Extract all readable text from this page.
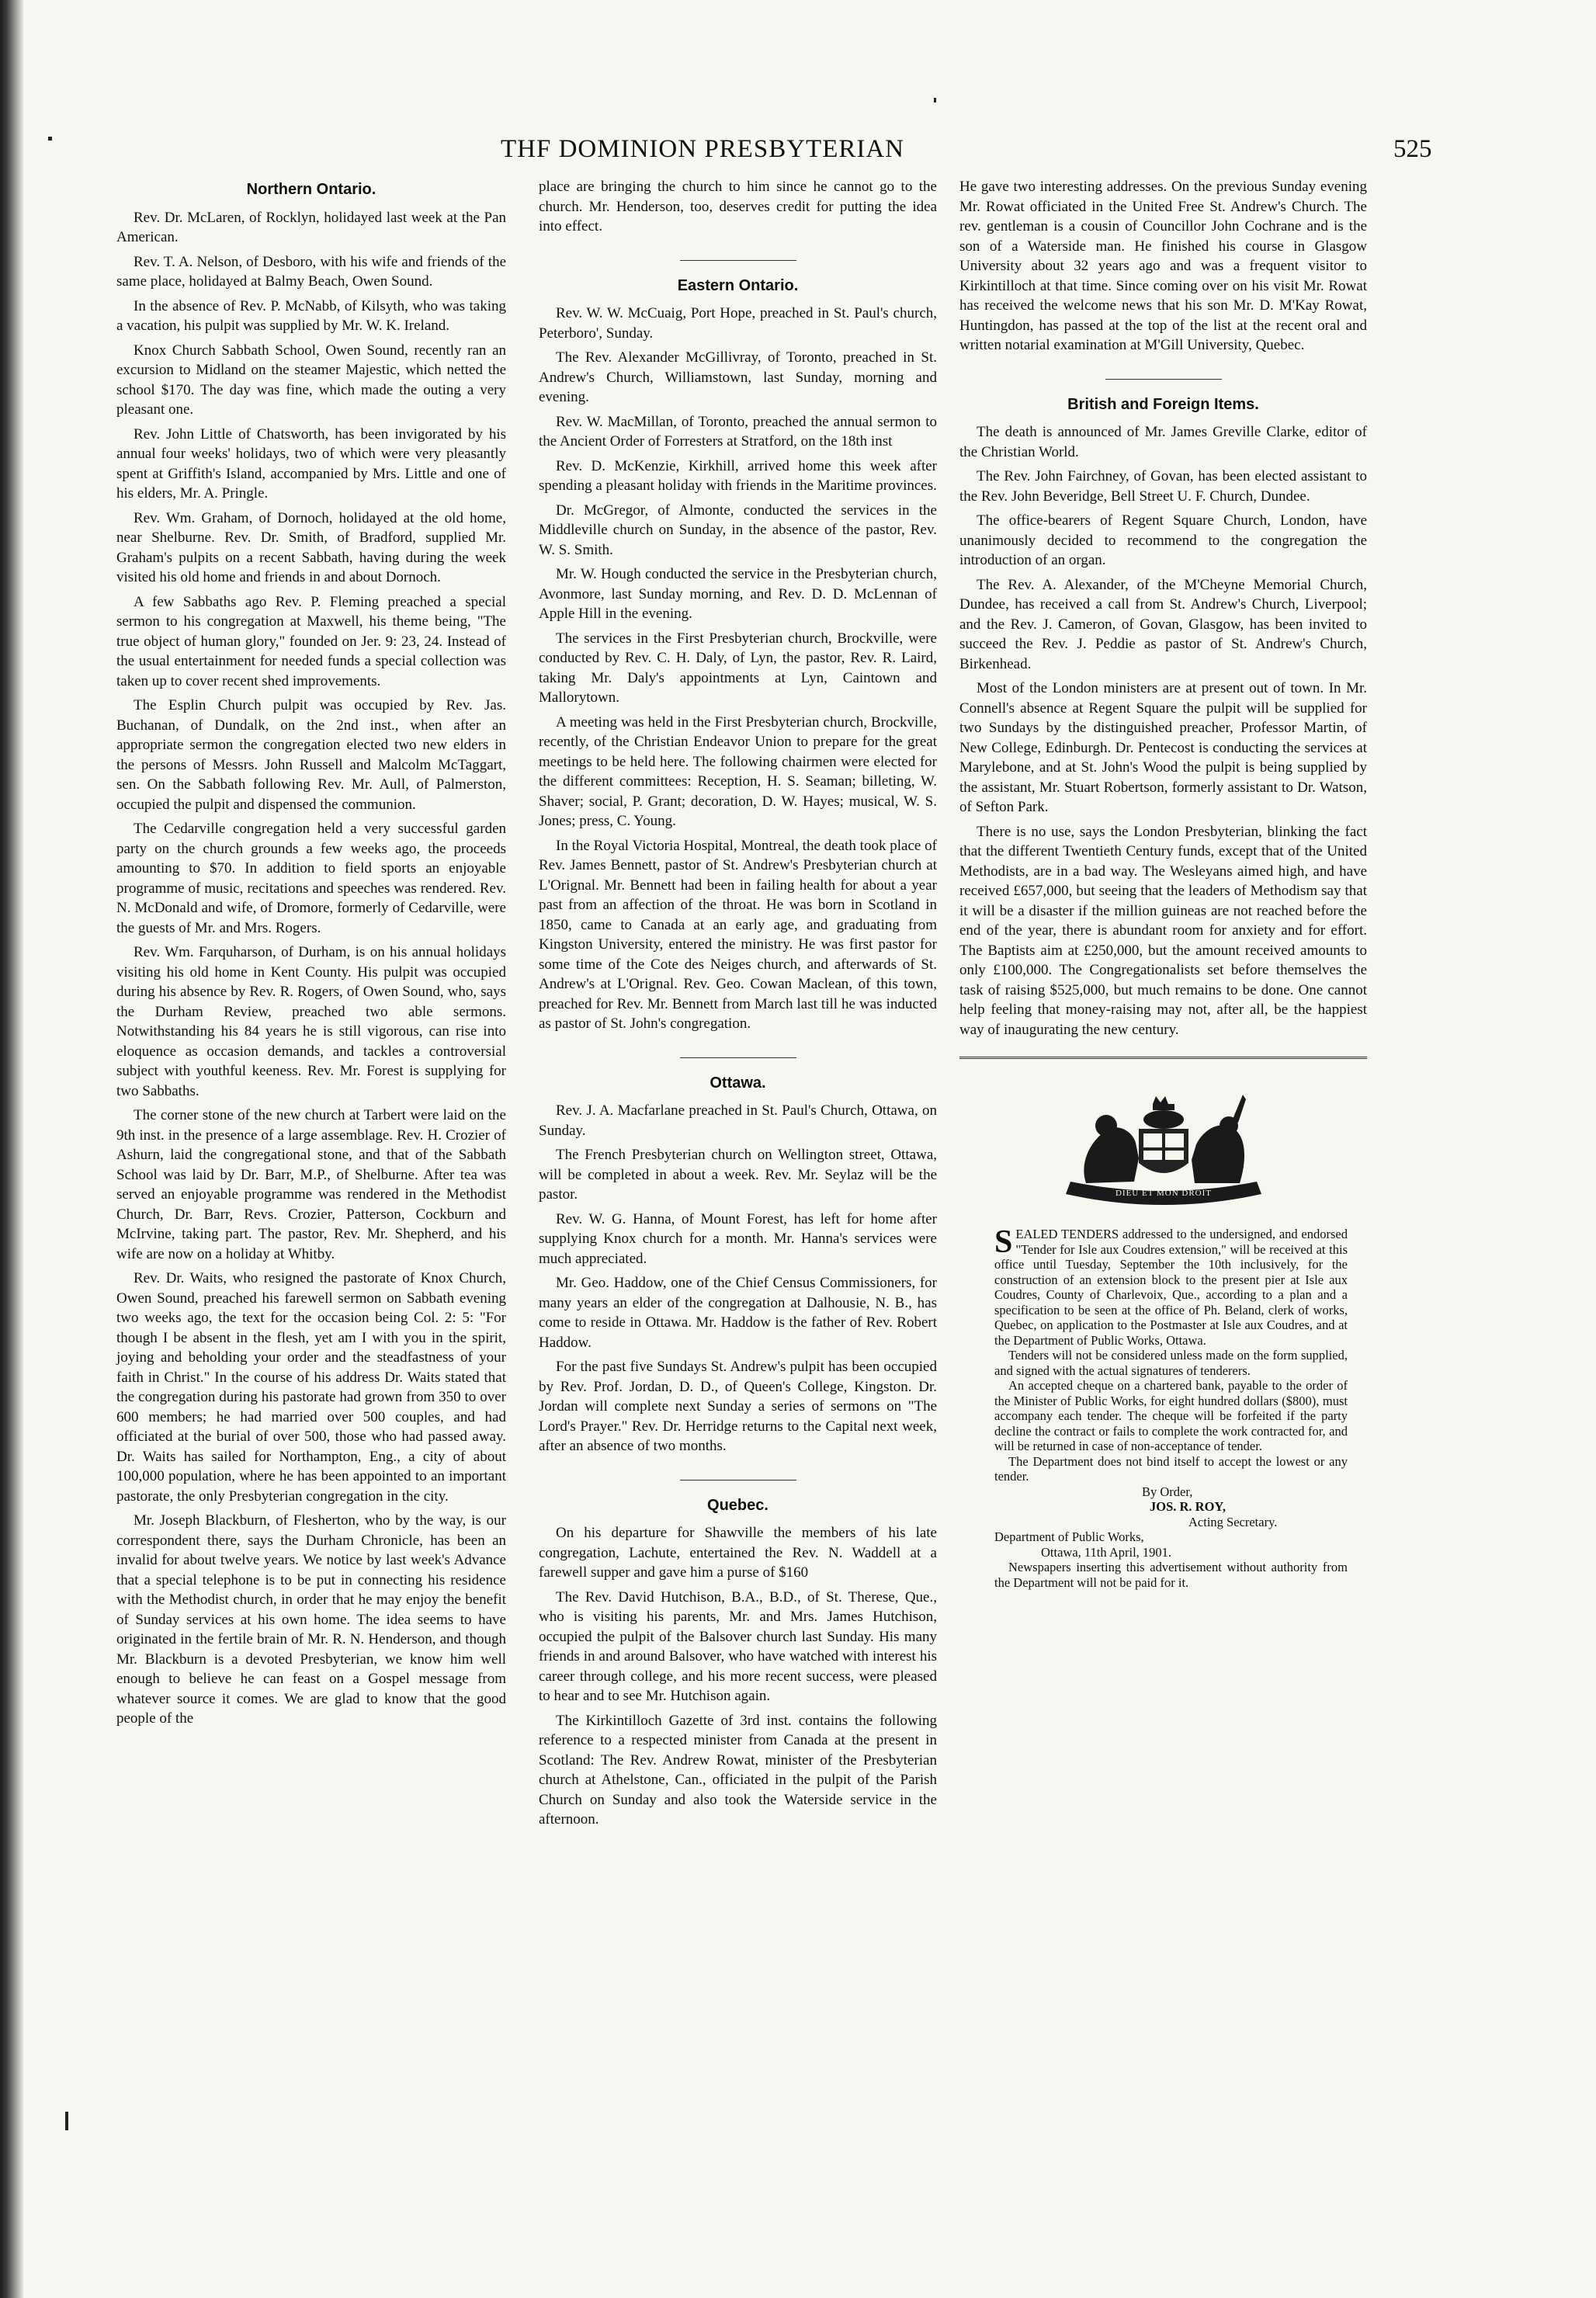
THF DOMINION PRESBYTERIAN	525
Northern Ontario.

Rev. Dr. McLaren, of Rocklyn, holidayed last week at the Pan American.

Rev. T. A. Nelson, of Desboro, with his wife and friends of the same place, holidayed at Balmy Beach, Owen Sound.

In the absence of Rev. P. McNabb, of Kilsyth, who was taking a vacation, his pulpit was supplied by Mr. W. K. Ireland.

Knox Church Sabbath School, Owen Sound, recently ran an excursion to Midland on the steamer Majestic, which netted the school $170. The day was fine, which made the outing a very pleasant one.

Rev. John Little of Chatsworth, has been invigorated by his annual four weeks' holidays, two of which were very pleasantly spent at Griffith's Island, accompanied by Mrs. Little and one of his elders, Mr. A. Pringle.

Rev. Wm. Graham, of Dornoch, holidayed at the old home, near Shelburne. Rev. Dr. Smith, of Bradford, supplied Mr. Graham's pulpits on a recent Sabbath, having during the week visited his old home and friends in and about Dornoch.

A few Sabbaths ago Rev. P. Fleming preached a special sermon to his congregation at Maxwell, his theme being, "The true object of human glory," founded on Jer. 9: 23, 24. Instead of the usual entertainment for needed funds a special collection was taken up to cover recent shed improvements.

The Esplin Church pulpit was occupied by Rev. Jas. Buchanan, of Dundalk, on the 2nd inst., when after an appropriate sermon the congregation elected two new elders in the persons of Messrs. John Russell and Malcolm McTaggart, sen. On the Sabbath following Rev. Mr. Aull, of Palmerston, occupied the pulpit and dispensed the communion.

The Cedarville congregation held a very successful garden party on the church grounds a few weeks ago, the proceeds amounting to $70. In addition to field sports an enjoyable programme of music, recitations and speeches was rendered. Rev. N. McDonald and wife, of Dromore, formerly of Cedarville, were the guests of Mr. and Mrs. Rogers.

Rev. Wm. Farquharson, of Durham, is on his annual holidays visiting his old home in Kent County. His pulpit was occupied during his absence by Rev. R. Rogers, of Owen Sound, who, says the Durham Review, preached two able sermons. Notwithstanding his 84 years he is still vigorous, can rise into eloquence as occasion demands, and tackles a controversial subject with youthful keeness. Rev. Mr. Forest is supplying for two Sabbaths.

The corner stone of the new church at Tarbert were laid on the 9th inst. in the presence of a large assemblage. Rev. H. Crozier of Ashurn, laid the congregational stone, and that of the Sabbath School was laid by Dr. Barr, M.P., of Shelburne. After tea was served an enjoyable programme was rendered in the Methodist Church, Dr. Barr, Revs. Crozier, Patterson, Cockburn and McIrvine, taking part. The pastor, Rev. Mr. Shepherd, and his wife are now on a holiday at Whitby.

Rev. Dr. Waits, who resigned the pastorate of Knox Church, Owen Sound, preached his farewell sermon on Sabbath evening two weeks ago, the text for the occasion being Col. 2: 5: "For though I be absent in the flesh, yet am I with you in the spirit, joying and beholding your order and the steadfastness of your faith in Christ." In the course of his address Dr. Waits stated that the congregation during his pastorate had grown from 350 to over 600 members; he had married over 500 couples, and had officiated at the burial of over 500, those who had passed away. Dr. Waits has sailed for Northampton, Eng., a city of about 100,000 population, where he has been appointed to an important pastorate, the only Presbyterian congregation in the city.

Mr. Joseph Blackburn, of Flesherton, who by the way, is our correspondent there, says the Durham Chronicle, has been an invalid for about twelve years. We notice by last week's Advance that a special telephone is to be put in connecting his residence with the Methodist church, in order that he may enjoy the benefit of Sunday services at his own home. The idea seems to have originated in the fertile brain of Mr. R. N. Henderson, and though Mr. Blackburn is a devoted Presbyterian, we know him well enough to believe he can feast on a Gospel message from whatever source it comes. We are glad to know that the good people of the

place are bringing the church to him since he cannot go to the church. Mr. Henderson, too, deserves credit for putting the idea into effect.

Eastern Ontario.

Rev. W. W. McCuaig, Port Hope, preached in St. Paul's church, Peterboro', Sunday.

The Rev. Alexander McGillivray, of Toronto, preached in St. Andrew's Church, Williamstown, last Sunday, morning and evening.

Rev. W. MacMillan, of Toronto, preached the annual sermon to the Ancient Order of Forresters at Stratford, on the 18th inst

Rev. D. McKenzie, Kirkhill, arrived home this week after spending a pleasant holiday with friends in the Maritime provinces.

Dr. McGregor, of Almonte, conducted the services in the Middleville church on Sunday, in the absence of the pastor, Rev. W. S. Smith.

Mr. W. Hough conducted the service in the Presbyterian church, Avonmore, last Sunday morning, and Rev. D. D. McLennan of Apple Hill in the evening.

The services in the First Presbyterian church, Brockville, were conducted by Rev. C. H. Daly, of Lyn, the pastor, Rev. R. Laird, taking Mr. Daly's appointments at Lyn, Caintown and Mallorytown.

A meeting was held in the First Presbyterian church, Brockville, recently, of the Christian Endeavor Union to prepare for the great meetings to be held here. The following chairmen were elected for the different committees: Reception, H. S. Seaman; billeting, W. Shaver; social, P. Grant; decoration, D. W. Hayes; musical, W. S. Jones; press, C. Young.

In the Royal Victoria Hospital, Montreal, the death took place of Rev. James Bennett, pastor of St. Andrew's Presbyterian church at L'Orignal. Mr. Bennett had been in failing health for about a year past from an affection of the throat. He was born in Scotland in 1850, came to Canada at an early age, and graduating from Kingston University, entered the ministry. He was first pastor for some time of the Cote des Neiges church, and afterwards of St. Andrew's at L'Orignal. Rev. Geo. Cowan Maclean, of this town, preached for Rev. Mr. Bennett from March last till he was inducted as pastor of St. John's congregation.

Ottawa.

Rev. J. A. Macfarlane preached in St. Paul's Church, Ottawa, on Sunday.

The French Presbyterian church on Wellington street, Ottawa, will be completed in about a week. Rev. Mr. Seylaz will be the pastor.

Rev. W. G. Hanna, of Mount Forest, has left for home after supplying Knox church for a month. Mr. Hanna's services were much appreciated.

Mr. Geo. Haddow, one of the Chief Census Commissioners, for many years an elder of the congregation at Dalhousie, N. B., has come to reside in Ottawa. Mr. Haddow is the father of Rev. Robert Haddow.

For the past five Sundays St. Andrew's pulpit has been occupied by Rev. Prof. Jordan, D. D., of Queen's College, Kingston. Dr. Jordan will complete next Sunday a series of sermons on "The Lord's Prayer." Rev. Dr. Herridge returns to the Capital next week, after an absence of two months.

Quebec.

On his departure for Shawville the members of his late congregation, Lachute, entertained the Rev. N. Waddell at a farewell supper and gave him a purse of $160

The Rev. David Hutchison, B.A., B.D., of St. Therese, Que., who is visiting his parents, Mr. and Mrs. James Hutchison, occupied the pulpit of the Balsover church last Sunday. His many friends in and around Balsover, who have watched with interest his career through college, and his more recent success, were pleased to hear and to see Mr. Hutchison again.

The Kirkintilloch Gazette of 3rd inst. contains the following reference to a respected minister from Canada at the present in Scotland: The Rev. Andrew Rowat, minister of the Presbyterian church at Athelstone, Can., officiated in the pulpit of the Parish Church on Sunday and also took the Waterside service in the afternoon.

He gave two interesting addresses. On the previous Sunday evening Mr. Rowat officiated in the United Free St. Andrew's Church. The rev. gentleman is a cousin of Councillor John Cochrane and is the son of a Waterside man. He finished his course in Glasgow University about 32 years ago and was a frequent visitor to Kirkintilloch at that time. Since coming over on his visit Mr. Rowat has received the welcome news that his son Mr. D. M'Kay Rowat, Huntingdon, has passed at the top of the list at the recent oral and written notarial examination at M'Gill University, Quebec.

British and Foreign Items.

The death is announced of Mr. James Greville Clarke, editor of the Christian World.

The Rev. John Fairchney, of Govan, has been elected assistant to the Rev. John Beveridge, Bell Street U. F. Church, Dundee.

The office-bearers of Regent Square Church, London, have unanimously decided to recommend to the congregation the introduction of an organ.

The Rev. A. Alexander, of the M'Cheyne Memorial Church, Dundee, has received a call from St. Andrew's Church, Liverpool; and the Rev. J. Cameron, of Govan, Glasgow, has been invited to succeed the Rev. J. Peddie as pastor of St. Andrew's Church, Birkenhead.

Most of the London ministers are at present out of town. In Mr. Connell's absence at Regent Square the pulpit will be supplied for two Sundays by the distinguished preacher, Professor Martin, of New College, Edinburgh. Dr. Pentecost is conducting the services at Marylebone, and at St. John's Wood the pulpit is being supplied by the assistant, Mr. Stuart Robertson, formerly assistant to Dr. Watson, of Sefton Park.

There is no use, says the London Presbyterian, blinking the fact that the different Twentieth Century funds, except that of the United Methodists, are in a bad way. The Wesleyans aimed high, and have received £657,000, but seeing that the leaders of Methodism say that it will be a disaster if the million guineas are not reached before the end of the year, there is abundant room for anxiety and for effort. The Baptists aim at £250,000, but the amount received amounts to only £100,000. The Congregationalists set before themselves the task of raising $525,000, but much remains to be done. One cannot help feeling that money-raising may not, after all, be the happiest way of inaugurating the new century.

DIEU ET MON DROIT

SEALED TENDERS addressed to the undersigned, and endorsed "Tender for Isle aux Coudres extension," will be received at this office until Tuesday, September the 10th inclusively, for the construction of an extension block to the present pier at Isle aux Coudres, County of Charlevoix, Que., according to a plan and a specification to be seen at the office of Ph. Beland, clerk of works, Quebec, on application to the Postmaster at Isle aux Coudres, and at the Department of Public Works, Ottawa.

Tenders will not be considered unless made on the form supplied, and signed with the actual signatures of tenderers.

An accepted cheque on a chartered bank, payable to the order of the Minister of Public Works, for eight hundred dollars ($800), must accompany each tender. The cheque will be forfeited if the party decline the contract or fails to complete the work contracted for, and will be returned in case of non-acceptance of tender.

The Department does not bind itself to accept the lowest or any tender.

By Order,

JOS. R. ROY,

Acting Secretary.

Department of Public Works,

Ottawa, 11th April, 1901.

Newspapers inserting this advertisement without authority from the Department will not be paid for it.
